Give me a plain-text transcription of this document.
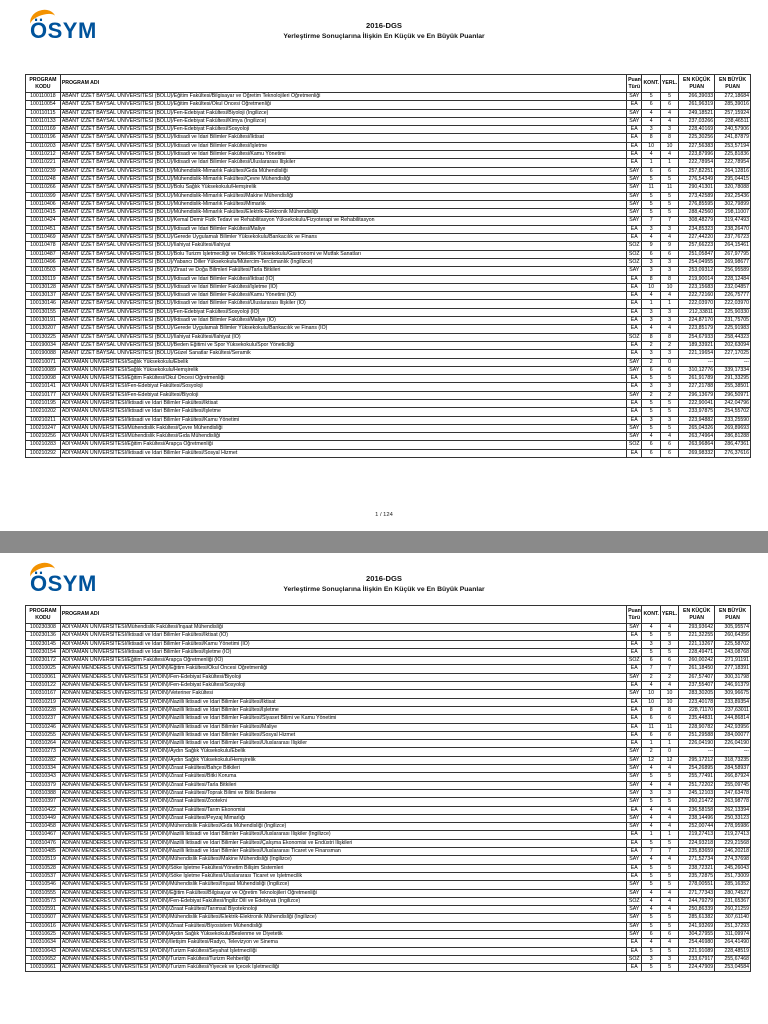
ÖSYM	2016-DGS
Yerleştirme Sonuçlarına İlişkin En Küçük ve En Büyük Puanlar
PROGRAM KODU	PROGRAM ADI	Puan Türü	KONT.	YERL.	EN KÜÇÜK PUAN	EN BÜYÜK PUAN
100110018	ABANT İZZET BAYSAL ÜNİVERSİTESİ (BOLU)/Eğitim Fakültesi/Bilgisayar ve Öğretim Teknolojileri Öğretmenliği	SAY	5	5	266,39033	272,18684
100110054	ABANT İZZET BAYSAL ÜNİVERSİTESİ (BOLU)/Eğitim Fakültesi/Okul Öncesi Öğretmenliği	EA	6	6	261,96319	285,39016
100110115	ABANT İZZET BAYSAL ÜNİVERSİTESİ (BOLU)/Fen-Edebiyat Fakültesi/Biyoloji (İngilizce)	SAY	4	4	249,18521	257,15924
100110133	ABANT İZZET BAYSAL ÜNİVERSİTESİ (BOLU)/Fen-Edebiyat Fakültesi/Kimya (İngilizce)	SAY	4	4	237,03266	238,46511
100110169	ABANT İZZET BAYSAL ÜNİVERSİTESİ (BOLU)/Fen-Edebiyat Fakültesi/Sosyoloji	EA	3	3	228,40169	240,57906
100110196	ABANT İZZET BAYSAL ÜNİVERSİTESİ (BOLU)/İktisadi ve İdari Bilimler Fakültesi/İktisat	EA	8	8	225,30256	241,87879
100110203	ABANT İZZET BAYSAL ÜNİVERSİTESİ (BOLU)/İktisadi ve İdari Bilimler Fakültesi/İşletme	EA	10	10	227,56383	253,57194
100110212	ABANT İZZET BAYSAL ÜNİVERSİTESİ (BOLU)/İktisadi ve İdari Bilimler Fakültesi/Kamu Yönetimi	EA	4	4	223,87996	225,81836
100110221	ABANT İZZET BAYSAL ÜNİVERSİTESİ (BOLU)/İktisadi ve İdari Bilimler Fakültesi/Uluslararası İlişkiler	EA	1	1	222,78954	222,78954
100110239	ABANT İZZET BAYSAL ÜNİVERSİTESİ (BOLU)/Mühendislik-Mimarlık Fakültesi/Gıda Mühendisliği	SAY	6	6	257,82251	264,12816
100110248	ABANT İZZET BAYSAL ÜNİVERSİTESİ (BOLU)/Mühendislik-Mimarlık Fakültesi/Çevre Mühendisliği	SAY	5	5	276,54349	295,04415
100110266	ABANT İZZET BAYSAL ÜNİVERSİTESİ (BOLU)/Bolu Sağlık Yüksekokulu/Hemşirelik	SAY	11	11	290,41301	320,78088
100110399	ABANT İZZET BAYSAL ÜNİVERSİTESİ (BOLU)/Mühendislik-Mimarlık Fakültesi/Makine Mühendisliği	SAY	5	5	273,42589	292,25436
100110406	ABANT İZZET BAYSAL ÜNİVERSİTESİ (BOLU)/Mühendislik-Mimarlık Fakültesi/Mimarlık	SAY	5	5	276,85595	302,79899
100110415	ABANT İZZET BAYSAL ÜNİVERSİTESİ (BOLU)/Mühendislik-Mimarlık Fakültesi/Elektrik-Elektronik Mühendisliği	SAY	5	5	288,42560	298,11007
100110424	ABANT İZZET BAYSAL ÜNİVERSİTESİ (BOLU)/Kemal Demir Fizik Tedavi ve Rehabilitasyon Yüksekokulu/Fizyoterapi ve Rehabilitasyon	SAY	7	7	308,48279	319,47493
100110451	ABANT İZZET BAYSAL ÜNİVERSİTESİ (BOLU)/İktisadi ve İdari Bilimler Fakültesi/Maliye	EA	3	3	234,85323	238,26470
100110469	ABANT İZZET BAYSAL ÜNİVERSİTESİ (BOLU)/Gerede Uygulamalı Bilimler Yüksekokulu/Bankacılık ve Finans	EA	4	4	227,44220	237,76723
100110478	ABANT İZZET BAYSAL ÜNİVERSİTESİ (BOLU)/İlahiyat Fakültesi/İlahiyat	SÖZ	9	9	257,66223	264,15461
100110487	ABANT İZZET BAYSAL ÜNİVERSİTESİ (BOLU)/Bolu Turizm İşletmeciliği ve Otelcilik Yüksekokulu/Gastronomi ve Mutfak Sanatları	SÖZ	6	6	251,05847	267,97795
100110496	ABANT İZZET BAYSAL ÜNİVERSİTESİ (BOLU)/Yabancı Diller Yüksekokulu/Mütercim-Tercümanlık (İngilizce)	SÖZ	3	3	254,04955	269,98677
100110503	ABANT İZZET BAYSAL ÜNİVERSİTESİ (BOLU)/Ziraat ve Doğa Bilimleri Fakültesi/Tarla Bitkileri	SAY	3	3	253,09312	256,95589
100130119	ABANT İZZET BAYSAL ÜNİVERSİTESİ (BOLU)/İktisadi ve İdari Bilimler Fakültesi/İktisat (İÖ)	EA	8	8	219,90014	228,12484
100130128	ABANT İZZET BAYSAL ÜNİVERSİTESİ (BOLU)/İktisadi ve İdari Bilimler Fakültesi/İşletme (İÖ)	EA	10	10	223,15683	232,04857
100130137	ABANT İZZET BAYSAL ÜNİVERSİTESİ (BOLU)/İktisadi ve İdari Bilimler Fakültesi/Kamu Yönetimi (İÖ)	EA	4	4	222,72160	226,75777
100130146	ABANT İZZET BAYSAL ÜNİVERSİTESİ (BOLU)/İktisadi ve İdari Bilimler Fakültesi/Uluslararası İlişkiler (İÖ)	EA	1	1	222,03970	222,03970
100130155	ABANT İZZET BAYSAL ÜNİVERSİTESİ (BOLU)/Fen-Edebiyat Fakültesi/Sosyoloji (İÖ)	EA	3	3	212,33811	225,90330
100130191	ABANT İZZET BAYSAL ÜNİVERSİTESİ (BOLU)/İktisadi ve İdari Bilimler Fakültesi/Maliye (İÖ)	EA	3	3	224,87170	231,75705
100130207	ABANT İZZET BAYSAL ÜNİVERSİTESİ (BOLU)/Gerede Uygulamalı Bilimler Yüksekokulu/Bankacılık ve Finans (İÖ)	EA	4	4	223,85179	225,91983
100130225	ABANT İZZET BAYSAL ÜNİVERSİTESİ (BOLU)/İlahiyat Fakültesi/İlahiyat (İÖ)	SÖZ	8	8	254,67933	258,44323
100190034	ABANT İZZET BAYSAL ÜNİVERSİTESİ (BOLU)/Beden Eğitimi ve Spor Yüksekokulu/Spor Yöneticiliği	EA	2	2	189,33921	202,63094
100190088	ABANT İZZET BAYSAL ÜNİVERSİTESİ (BOLU)/Güzel Sanatlar Fakültesi/Seramik	EA	3	3	221,19654	227,17025
100210071	ADIYAMAN ÜNİVERSİTESİ/Sağlık Yüksekokulu/Ebelik	SAY	2	0	---	---
100210089	ADIYAMAN ÜNİVERSİTESİ/Sağlık Yüksekokulu/Hemşirelik	SAY	6	6	310,12776	339,17334
100210098	ADIYAMAN ÜNİVERSİTESİ/Eğitim Fakültesi/Okul Öncesi Öğretmenliği	EA	5	5	261,91789	291,33295
100210141	ADIYAMAN ÜNİVERSİTESİ/Fen-Edebiyat Fakültesi/Sosyoloji	EA	3	3	227,21788	255,38501
100210177	ADIYAMAN ÜNİVERSİTESİ/Fen-Edebiyat Fakültesi/Biyoloji	SAY	2	2	296,13679	296,50971
100210195	ADIYAMAN ÜNİVERSİTESİ/İktisadi ve İdari Bilimler Fakültesi/İktisat	EA	5	5	222,90041	242,04796
100210202	ADIYAMAN ÜNİVERSİTESİ/İktisadi ve İdari Bilimler Fakültesi/İşletme	EA	5	5	233,97875	254,55702
100210211	ADIYAMAN ÜNİVERSİTESİ/İktisadi ve İdari Bilimler Fakültesi/Kamu Yönetimi	EA	3	3	223,94882	233,25590
100210247	ADIYAMAN ÜNİVERSİTESİ/Mühendislik Fakültesi/Çevre Mühendisliği	SAY	5	5	265,04326	269,89693
100210256	ADIYAMAN ÜNİVERSİTESİ/Mühendislik Fakültesi/Gıda Mühendisliği	SAY	4	4	263,74964	286,81288
100210283	ADIYAMAN ÜNİVERSİTESİ/Eğitim Fakültesi/Arapça Öğretmenliği	SÖZ	6	6	263,96864	286,47361
100210292	ADIYAMAN ÜNİVERSİTESİ/İktisadi ve İdari Bilimler Fakültesi/Sosyal Hizmet	EA	6	6	269,98332	276,37616
1 / 124
ÖSYM	2016-DGS
Yerleştirme Sonuçlarına İlişkin En Küçük ve En Büyük Puanlar
PROGRAM KODU	PROGRAM ADI	Puan Türü	KONT.	YERL.	EN KÜÇÜK PUAN	EN BÜYÜK PUAN
100230308	ADIYAMAN ÜNİVERSİTESİ/Mühendislik Fakültesi/İnşaat Mühendisliği	SAY	4	4	293,93642	305,95574
100230136	ADIYAMAN ÜNİVERSİTESİ/İktisadi ve İdari Bilimler Fakültesi/İktisat (İÖ)	EA	5	5	221,32255	260,64356
100230145	ADIYAMAN ÜNİVERSİTESİ/İktisadi ve İdari Bilimler Fakültesi/Kamu Yönetimi (İÖ)	EA	3	3	221,13267	225,58702
100230154	ADIYAMAN ÜNİVERSİTESİ/İktisadi ve İdari Bilimler Fakültesi/İşletme (İÖ)	EA	5	5	228,49471	243,08768
100230172	ADIYAMAN ÜNİVERSİTESİ/Eğitim Fakültesi/Arapça Öğretmenliği (İÖ)	SÖZ	6	6	260,00242	271,91191
100310025	ADNAN MENDERES ÜNİVERSİTESİ (AYDIN)/Eğitim Fakültesi/Okul Öncesi Öğretmenliği	EA	7	7	261,18450	277,18391
100310061	ADNAN MENDERES ÜNİVERSİTESİ (AYDIN)/Fen-Edebiyat Fakültesi/Biyoloji	SAY	2	2	267,57407	300,31798
100310122	ADNAN MENDERES ÜNİVERSİTESİ (AYDIN)/Fen-Edebiyat Fakültesi/Sosyoloji	EA	4	4	237,55407	246,91379
100310167	ADNAN MENDERES ÜNİVERSİTESİ (AYDIN)/Veteriner Fakültesi	SAY	10	10	283,30205	309,96675
100310219	ADNAN MENDERES ÜNİVERSİTESİ (AYDIN)/Nazilli İktisadi ve İdari Bilimler Fakültesi/İktisat	EA	10	10	223,40178	233,89354
100310228	ADNAN MENDERES ÜNİVERSİTESİ (AYDIN)/Nazilli İktisadi ve İdari Bilimler Fakültesi/İşletme	EA	8	8	228,71170	237,63011
100310237	ADNAN MENDERES ÜNİVERSİTESİ (AYDIN)/Nazilli İktisadi ve İdari Bilimler Fakültesi/Siyaset Bilimi ve Kamu Yönetimi	EA	6	6	235,44831	244,86814
100310246	ADNAN MENDERES ÜNİVERSİTESİ (AYDIN)/Nazilli İktisadi ve İdari Bilimler Fakültesi/Maliye	EA	11	11	228,90782	242,93956
100310255	ADNAN MENDERES ÜNİVERSİTESİ (AYDIN)/Nazilli İktisadi ve İdari Bilimler Fakültesi/Sosyal Hizmet	EA	6	6	251,29588	284,00077
100310264	ADNAN MENDERES ÜNİVERSİTESİ (AYDIN)/Nazilli İktisadi ve İdari Bilimler Fakültesi/Uluslararası İlişkiler	EA	1	1	226,04190	226,04190
100310273	ADNAN MENDERES ÜNİVERSİTESİ (AYDIN)/Aydın Sağlık Yüksekokulu/Ebelik	SAY	2	0	---	---
100310282	ADNAN MENDERES ÜNİVERSİTESİ (AYDIN)/Aydın Sağlık Yüksekokulu/Hemşirelik	SAY	12	12	295,17212	318,73235
100310334	ADNAN MENDERES ÜNİVERSİTESİ (AYDIN)/Ziraat Fakültesi/Bahçe Bitkileri	SAY	4	4	254,26895	284,58937
100310343	ADNAN MENDERES ÜNİVERSİTESİ (AYDIN)/Ziraat Fakültesi/Bitki Koruma	SAY	5	5	255,77491	266,87924
100310379	ADNAN MENDERES ÜNİVERSİTESİ (AYDIN)/Ziraat Fakültesi/Tarla Bitkileri	SAY	4	4	251,72202	255,09745
100310388	ADNAN MENDERES ÜNİVERSİTESİ (AYDIN)/Ziraat Fakültesi/Toprak Bilimi ve Bitki Besleme	SAY	3	3	245,12103	247,63478
100310397	ADNAN MENDERES ÜNİVERSİTESİ (AYDIN)/Ziraat Fakültesi/Zootekni	SAY	5	5	260,21472	263,98778
100310422	ADNAN MENDERES ÜNİVERSİTESİ (AYDIN)/Ziraat Fakültesi/Tarım Ekonomisi	EA	4	4	236,58158	262,13394
100310449	ADNAN MENDERES ÜNİVERSİTESİ (AYDIN)/Ziraat Fakültesi/Peyzaj Mimarlığı	SAY	4	4	238,14496	250,33123
100310458	ADNAN MENDERES ÜNİVERSİTESİ (AYDIN)/Mühendislik Fakültesi/Gıda Mühendisliği (İngilizce)	SAY	4	4	252,00744	278,95986
100310467	ADNAN MENDERES ÜNİVERSİTESİ (AYDIN)/Nazilli İktisadi ve İdari Bilimler Fakültesi/Uluslararası İlişkiler (İngilizce)	EA	1	1	219,27413	219,27413
100310476	ADNAN MENDERES ÜNİVERSİTESİ (AYDIN)/Nazilli İktisadi ve İdari Bilimler Fakültesi/Çalışma Ekonomisi ve Endüstri İlişkileri	EA	5	5	224,93218	229,21568
100310485	ADNAN MENDERES ÜNİVERSİTESİ (AYDIN)/Nazilli İktisadi ve İdari Bilimler Fakültesi/Uluslararası Ticaret ve Finansman	EA	7	7	235,83659	246,20218
100310519	ADNAN MENDERES ÜNİVERSİTESİ (AYDIN)/Mühendislik Fakültesi/Makine Mühendisliği (İngilizce)	SAY	4	4	271,52734	274,37698
100310528	ADNAN MENDERES ÜNİVERSİTESİ (AYDIN)/Söke İşletme Fakültesi/Yönetim Bilişim Sistemleri	EA	5	5	238,72321	245,26043
100310537	ADNAN MENDERES ÜNİVERSİTESİ (AYDIN)/Söke İşletme Fakültesi/Uluslararası Ticaret ve İşletmecilik	EA	5	5	235,72875	251,73009
100310546	ADNAN MENDERES ÜNİVERSİTESİ (AYDIN)/Mühendislik Fakültesi/İnşaat Mühendisliği (İngilizce)	SAY	5	5	278,00551	285,16352
100310555	ADNAN MENDERES ÜNİVERSİTESİ (AYDIN)/Eğitim Fakültesi/Bilgisayar ve Öğretim Teknolojileri Öğretmenliği	SAY	4	4	271,77343	280,74527
100310573	ADNAN MENDERES ÜNİVERSİTESİ (AYDIN)/Fen-Edebiyat Fakültesi/İngiliz Dili ve Edebiyatı (İngilizce)	SÖZ	4	4	244,79279	231,65367
100310591	ADNAN MENDERES ÜNİVERSİTESİ (AYDIN)/Ziraat Fakültesi/Tarımsal Biyoteknoloji	SAY	4	4	250,86339	260,21259
100310607	ADNAN MENDERES ÜNİVERSİTESİ (AYDIN)/Mühendislik Fakültesi/Elektrik-Elektronik Mühendisliği (İngilizce)	SAY	5	5	285,61382	307,61140
100310616	ADNAN MENDERES ÜNİVERSİTESİ (AYDIN)/Ziraat Fakültesi/Biyosistem Mühendisliği	SAY	5	5	241,93269	251,37293
100310625	ADNAN MENDERES ÜNİVERSİTESİ (AYDIN)/Aydın Sağlık Yüksekokulu/Beslenme ve Diyetetik	SAY	6	6	304,27955	311,09974
100310634	ADNAN MENDERES ÜNİVERSİTESİ (AYDIN)/İletişim Fakültesi/Radyo, Televizyon ve Sinema	EA	4	4	254,46980	264,41490
100310643	ADNAN MENDERES ÜNİVERSİTESİ (AYDIN)/Turizm Fakültesi/Seyahat İşletmeciliği	EA	5	5	221,91089	228,48519
100310652	ADNAN MENDERES ÜNİVERSİTESİ (AYDIN)/Turizm Fakültesi/Turizm Rehberliği	SÖZ	3	3	233,67917	255,67468
100310661	ADNAN MENDERES ÜNİVERSİTESİ (AYDIN)/Turizm Fakültesi/Yiyecek ve İçecek İşletmeciliği	EA	5	5	224,47909	253,04584
